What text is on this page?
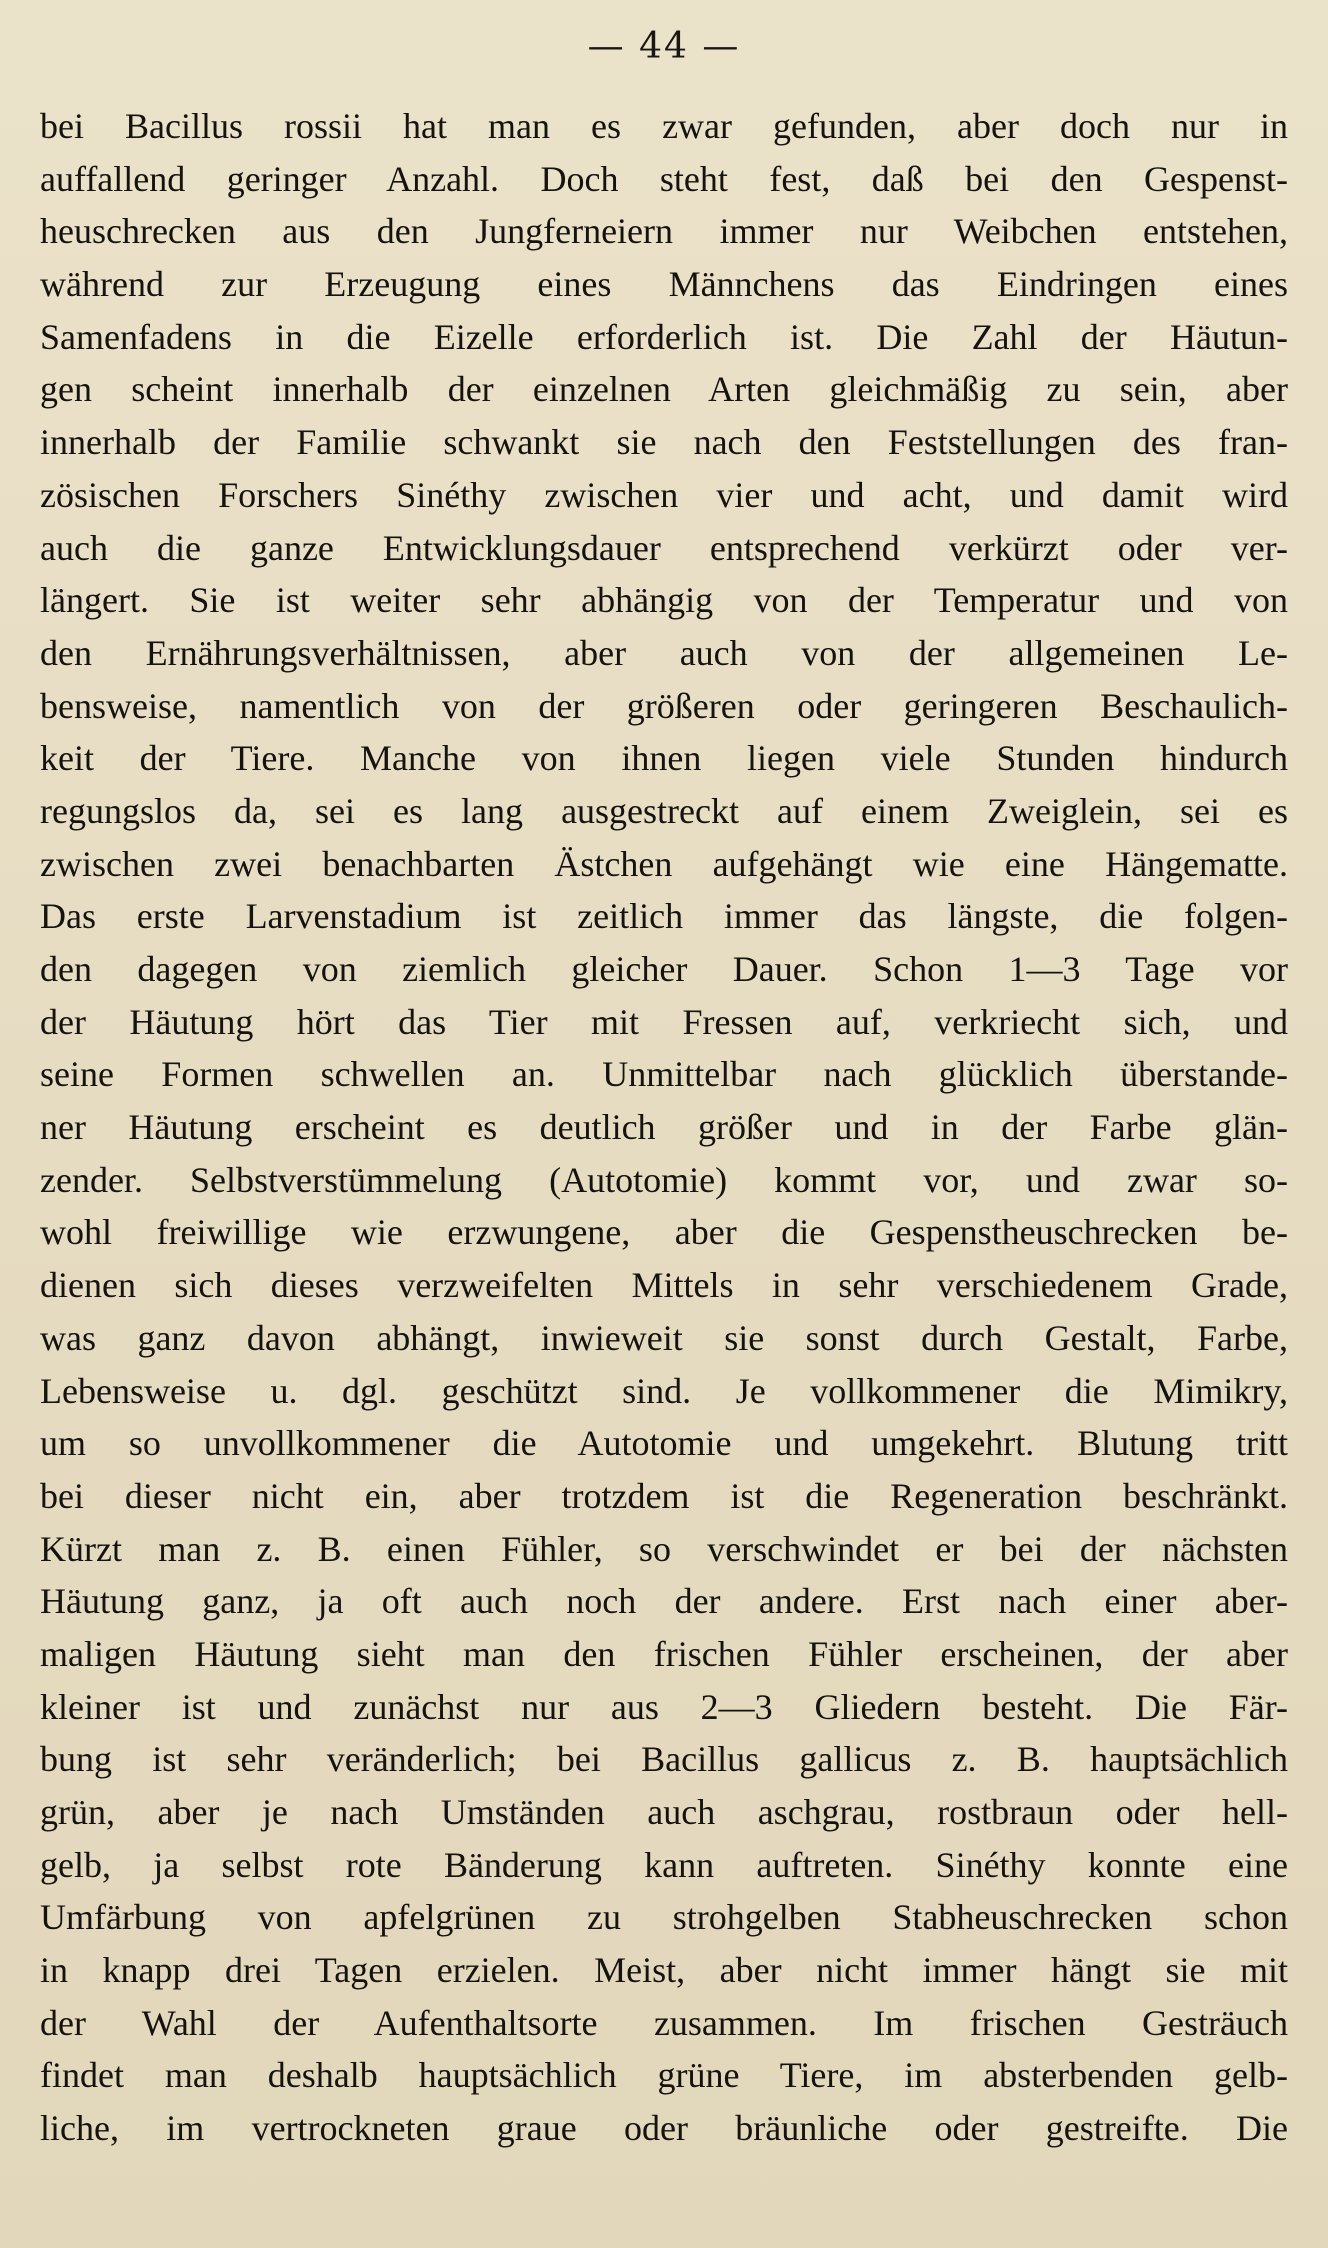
— 44 —
bei Bacillus rossii hat man es zwar gefunden, aber doch nur in
auffallend geringer Anzahl. Doch steht fest, daß bei den Gespenst-
heuschrecken aus den Jungferneiern immer nur Weibchen entstehen,
während zur Erzeugung eines Männchens das Eindringen eines
Samenfadens in die Eizelle erforderlich ist. Die Zahl der Häutun-
gen scheint innerhalb der einzelnen Arten gleichmäßig zu sein, aber
innerhalb der Familie schwankt sie nach den Feststellungen des fran-
zösischen Forschers Sinéthy zwischen vier und acht, und damit wird
auch die ganze Entwicklungsdauer entsprechend verkürzt oder ver-
längert. Sie ist weiter sehr abhängig von der Temperatur und von
den Ernährungsverhältnissen, aber auch von der allgemeinen Le-
bensweise, namentlich von der größeren oder geringeren Beschaulich-
keit der Tiere. Manche von ihnen liegen viele Stunden hindurch
regungslos da, sei es lang ausgestreckt auf einem Zweiglein, sei es
zwischen zwei benachbarten Ästchen aufgehängt wie eine Hängematte.
Das erste Larvenstadium ist zeitlich immer das längste, die folgen-
den dagegen von ziemlich gleicher Dauer. Schon 1—3 Tage vor
der Häutung hört das Tier mit Fressen auf, verkriecht sich, und
seine Formen schwellen an. Unmittelbar nach glücklich überstande-
ner Häutung erscheint es deutlich größer und in der Farbe glän-
zender. Selbstverstümmelung (Autotomie) kommt vor, und zwar so-
wohl freiwillige wie erzwungene, aber die Gespenstheuschrecken be-
dienen sich dieses verzweifelten Mittels in sehr verschiedenem Grade,
was ganz davon abhängt, inwieweit sie sonst durch Gestalt, Farbe,
Lebensweise u. dgl. geschützt sind. Je vollkommener die Mimikry,
um so unvollkommener die Autotomie und umgekehrt. Blutung tritt
bei dieser nicht ein, aber trotzdem ist die Regeneration beschränkt.
Kürzt man z. B. einen Fühler, so verschwindet er bei der nächsten
Häutung ganz, ja oft auch noch der andere. Erst nach einer aber-
maligen Häutung sieht man den frischen Fühler erscheinen, der aber
kleiner ist und zunächst nur aus 2—3 Gliedern besteht. Die Fär-
bung ist sehr veränderlich; bei Bacillus gallicus z. B. hauptsächlich
grün, aber je nach Umständen auch aschgrau, rostbraun oder hell-
gelb, ja selbst rote Bänderung kann auftreten. Sinéthy konnte eine
Umfärbung von apfelgrünen zu strohgelben Stabheuschrecken schon
in knapp drei Tagen erzielen. Meist, aber nicht immer hängt sie mit
der Wahl der Aufenthaltsorte zusammen. Im frischen Gesträuch
findet man deshalb hauptsächlich grüne Tiere, im absterbenden gelb-
liche, im vertrockneten graue oder bräunliche oder gestreifte. Die
